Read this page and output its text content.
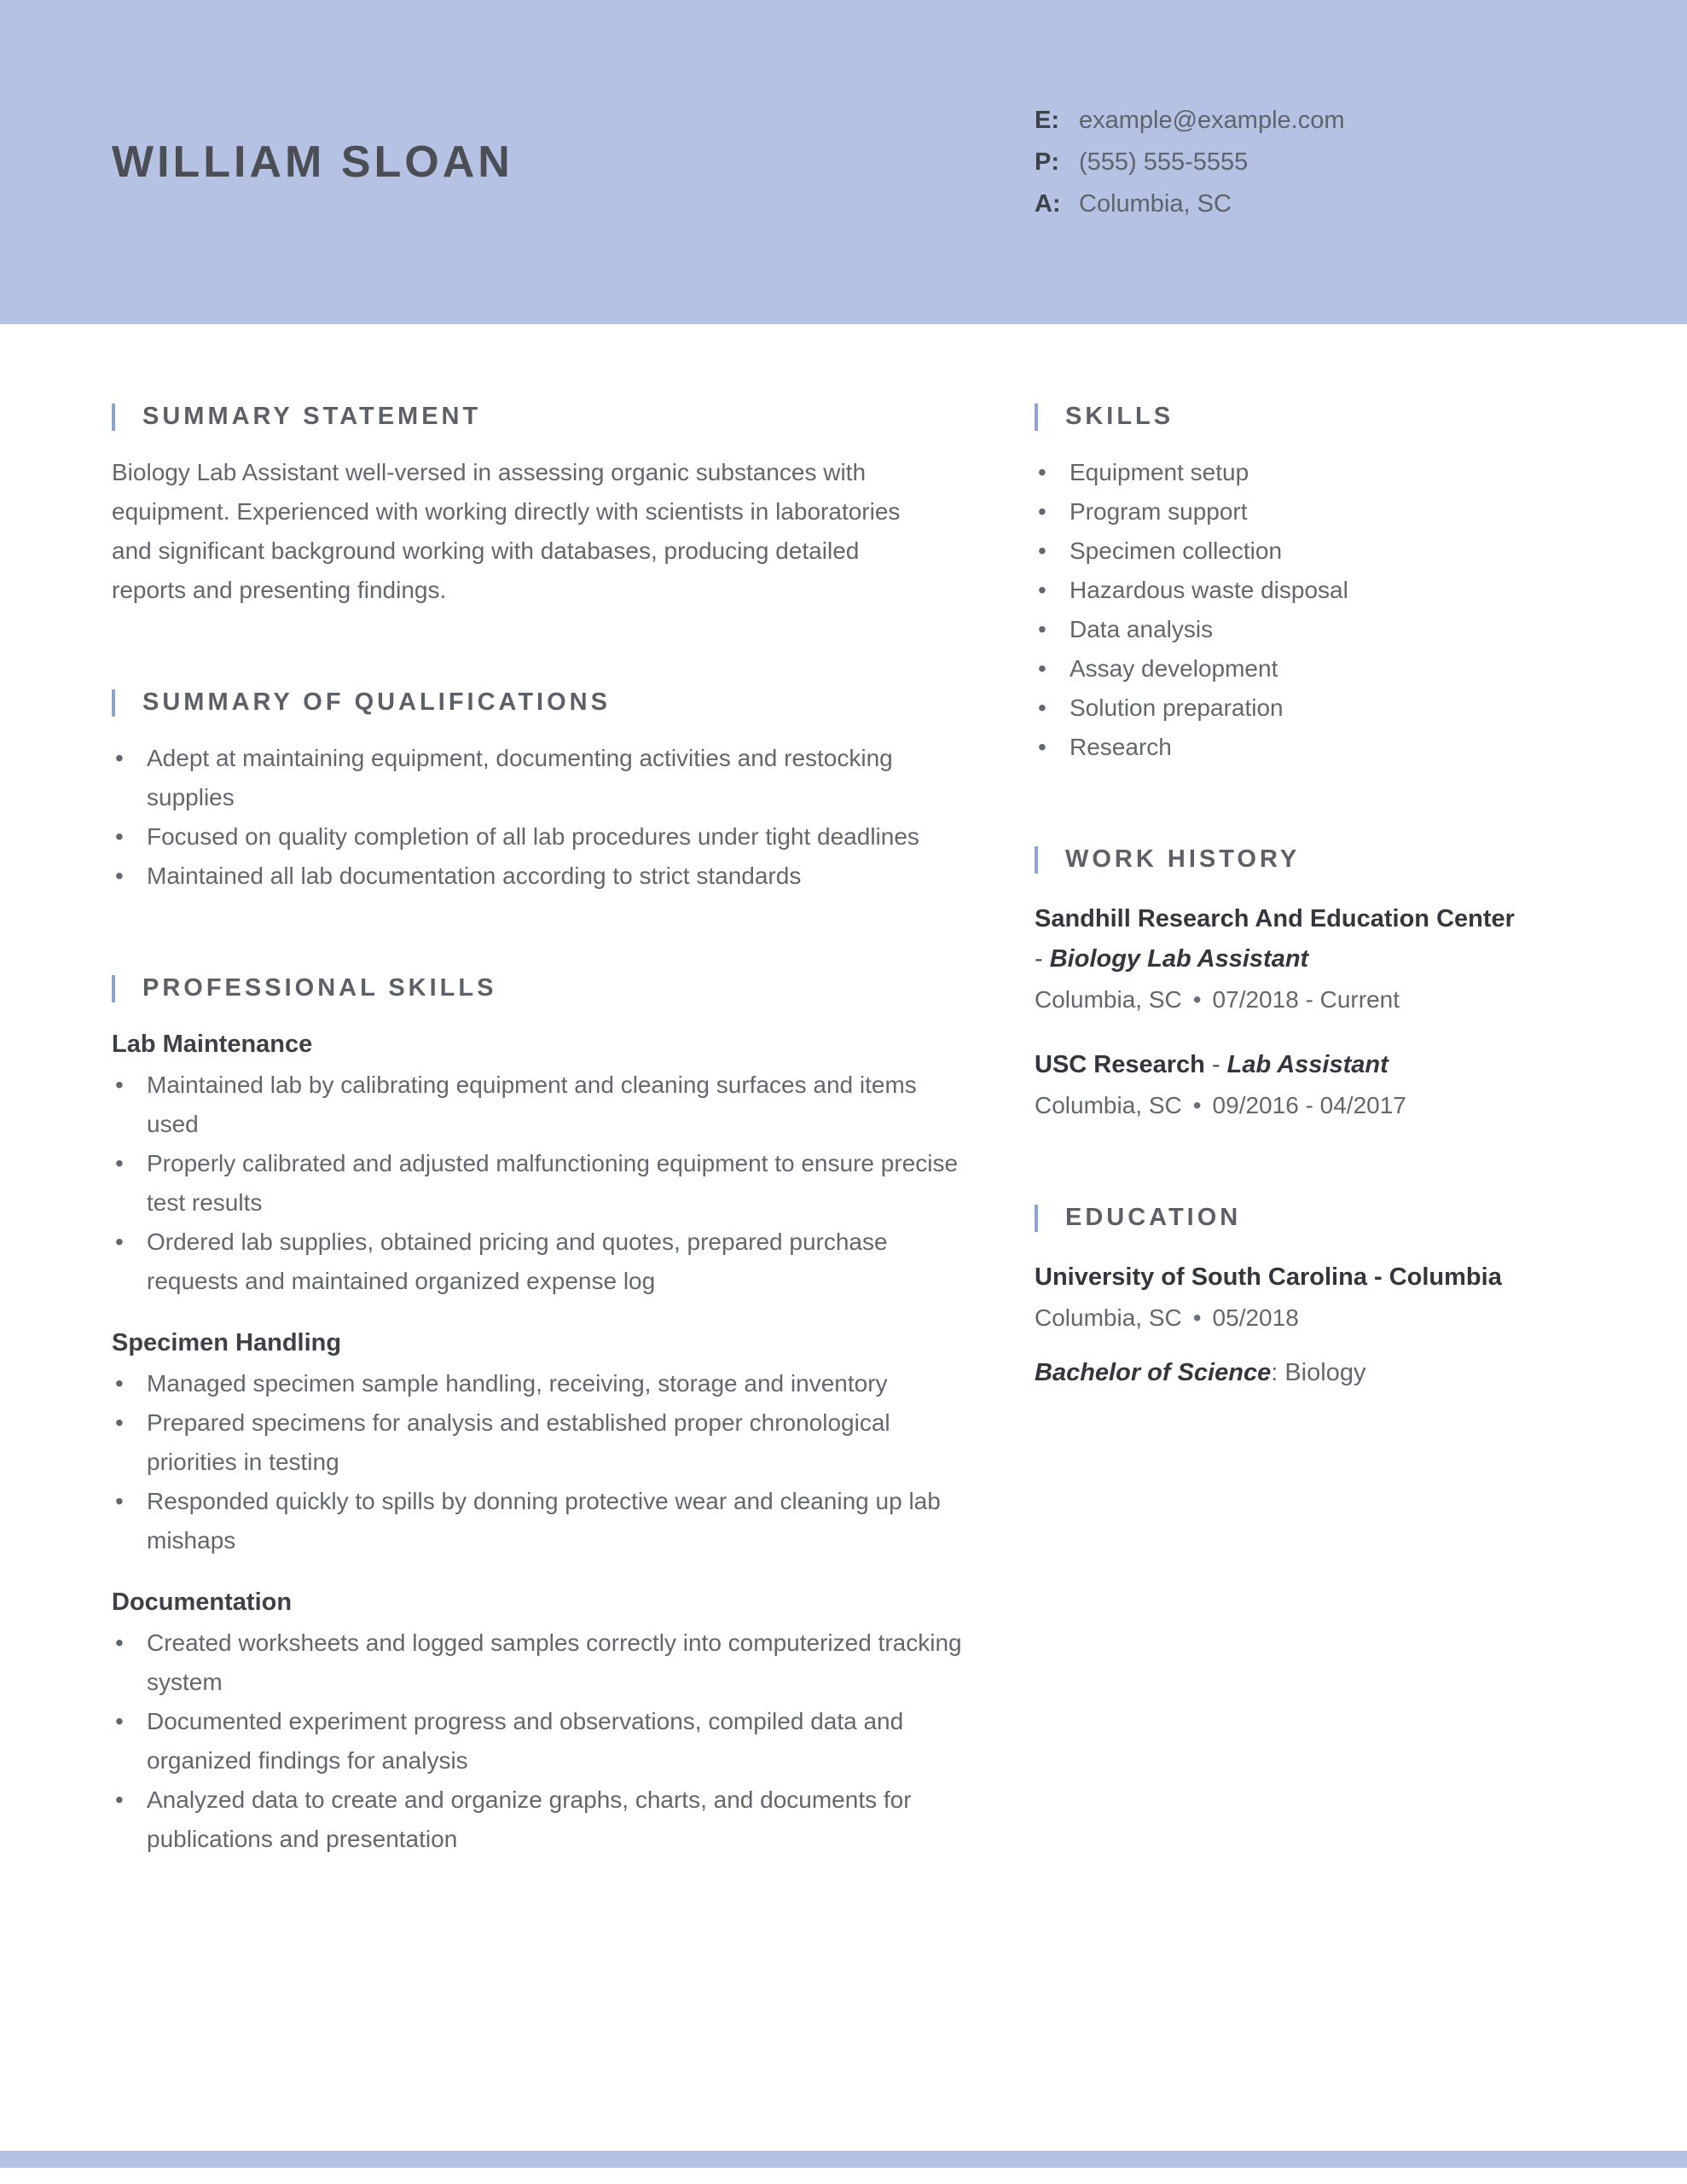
WILLIAM SLOAN
E: example@example.com
P: (555) 555-5555
A: Columbia, SC
SUMMARY STATEMENT

Biology Lab Assistant well-versed in assessing organic substances with equipment. Experienced with working directly with scientists in laboratories and significant background working with databases, producing detailed reports and presenting findings.

SUMMARY OF QUALIFICATIONS
• Adept at maintaining equipment, documenting activities and restocking supplies
• Focused on quality completion of all lab procedures under tight deadlines
• Maintained all lab documentation according to strict standards
PROFESSIONAL SKILLS
Lab Maintenance
• Maintained lab by calibrating equipment and cleaning surfaces and items used
• Properly calibrated and adjusted malfunctioning equipment to ensure precise test results
• Ordered lab supplies, obtained pricing and quotes, prepared purchase requests and maintained organized expense log
Specimen Handling
• Managed specimen sample handling, receiving, storage and inventory
• Prepared specimens for analysis and established proper chronological priorities in testing
• Responded quickly to spills by donning protective wear and cleaning up lab mishaps
Documentation
• Created worksheets and logged samples correctly into computerized tracking system
• Documented experiment progress and observations, compiled data and organized findings for analysis
• Analyzed data to create and organize graphs, charts, and documents for publications and presentation
SKILLS
• Equipment setup
• Program support
• Specimen collection
• Hazardous waste disposal
• Data analysis
• Assay development
• Solution preparation
• Research
WORK HISTORY
Sandhill Research And Education Center
- Biology Lab Assistant
Columbia, SC • 07/2018 - Current
USC Research - Lab Assistant
Columbia, SC • 09/2016 - 04/2017
EDUCATION
University of South Carolina - Columbia
Columbia, SC • 05/2018
Bachelor of Science: Biology
